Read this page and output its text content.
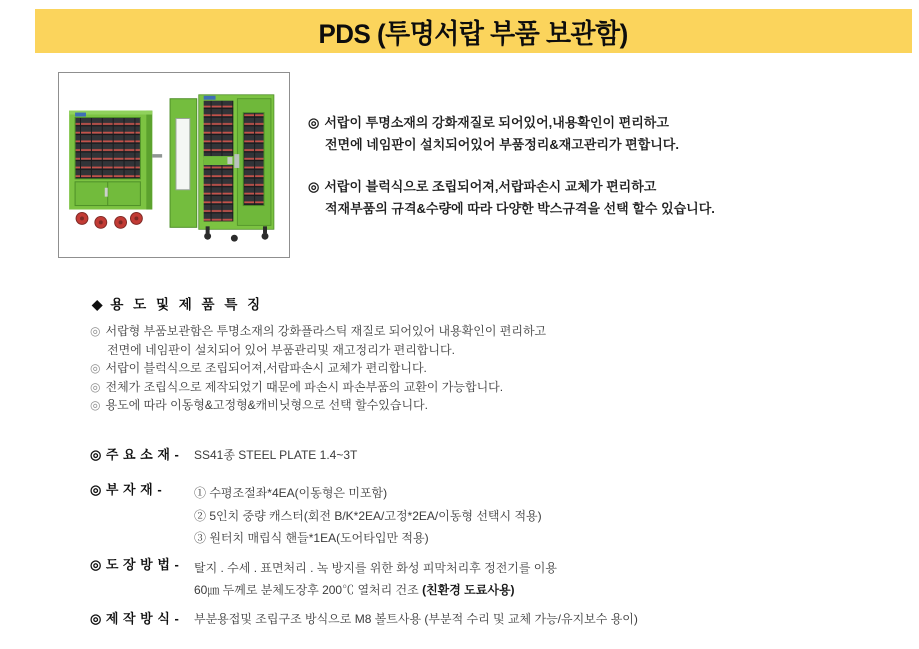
PDS (투명서랍 부품 보관함)
◎ 서랍이 투명소재의 강화재질로 되어있어,내용확인이 편리하고
전면에 네임판이 설치되어있어 부품정리&재고관리가 편합니다.
◎ 서랍이 블럭식으로 조립되어져,서랍파손시 교체가 편리하고
적재부품의 규격&수량에 따라 다양한 박스규격을 선택 할수 있습니다.
◆ 용 도 및 제 품 특 징
◎ 서랍형 부품보관함은 투명소재의 강화플라스틱 재질로 되어있어 내용확인이 편리하고
전면에 네임판이 설치되어 있어 부품관리및 재고정리가 편리합니다.
◎ 서랍이 블럭식으로 조립되어져,서랍파손시 교체가 편리합니다.
◎ 전체가 조립식으로 제작되었기 때문에 파손시 파손부품의 교환이 가능합니다.
◎ 용도에 따라 이동형&고정형&캐비닛형으로 선택 할수있습니다.
◎ 주 요 소 재 -	SS41종 STEEL PLATE 1.4~3T
◎ 부 자 재 -	① 수평조절좌*4EA(이동형은 미포함)
② 5인치 중량 캐스터(회전 B/K*2EA/고정*2EA/이동형 선택시 적용)
③ 원터치 매립식 핸들*1EA(도어타입만 적용)
◎ 도 장 방 법 -	탈지 . 수세 . 표면처리 . 녹 방지를 위한 화성 피막처리후 정전기를 이용
60㎛ 두께로 분체도장후 200℃ 열처리 건조 (친환경 도료사용)
◎ 제 작 방 식 -	부분용접및 조립구조 방식으로 M8 볼트사용 (부분적 수리 및 교체 가능/유지보수 용이)
